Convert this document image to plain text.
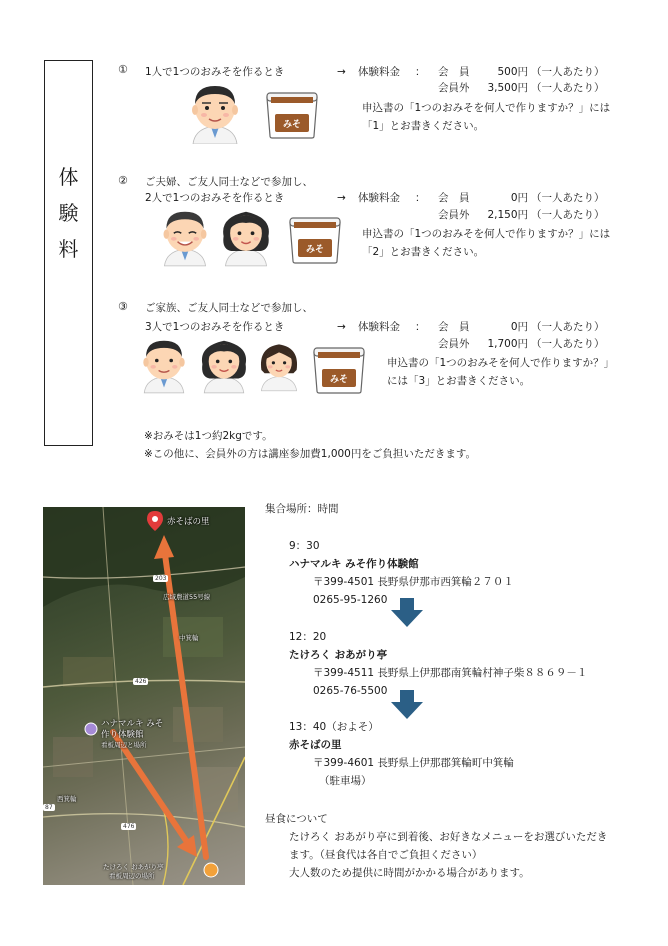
体
験
料
① 1人で1つのおみそを作るとき	→ 体験料金 ： 会　員	500円 （一人あたり）
会員外	3,500円 （一人あたり）
申込書の「1つのおみそを何人で作りますか？」には
「1」とお書きください。
みそ
② ご夫婦、ご友人同士などで参加し、
2人で1つのおみそを作るとき	→ 体験料金 ： 会　員	0円 （一人あたり）
会員外	2,150円 （一人あたり）
申込書の「1つのおみそを何人で作りますか？」には
「2」とお書きください。
みそ
③ ご家族、ご友人同士などで参加し、
3人で1つのおみそを作るとき	→ 体験料金 ： 会　員	0円 （一人あたり）
会員外	1,700円 （一人あたり）
申込書の「1つのおみそを何人で作りますか？」
には「3」とお書きください。
みそ
※おみそは1つ約2kgです。
※この他に、会員外の方は講座参加費1,000円をご負担いただきます。
赤そばの里
広域農道55号線
中箕輪
ハナマルキ みそ
作り体験館
看板周辺と場所
西箕輪
たけろく おあがり亭
看板周辺の場所
203
426
87
476
集合場所：時間
9：30
ハナマルキ みそ作り体験館
〒399-4501 長野県伊那市西箕輪２７０１
0265-95-1260
12：20
たけろく おあがり亭
〒399-4511 長野県上伊那郡南箕輪村神子柴８８６９－１
0265-76-5500
13：40（およそ）
赤そばの里
〒399-4601 長野県上伊那郡箕輪町中箕輪
（駐車場）
昼食について
たけろく おあがり亭に到着後、お好きなメニューをお選びいただき
ます。（昼食代は各自でご負担ください）
大人数のため提供に時間がかかる場合があります。
